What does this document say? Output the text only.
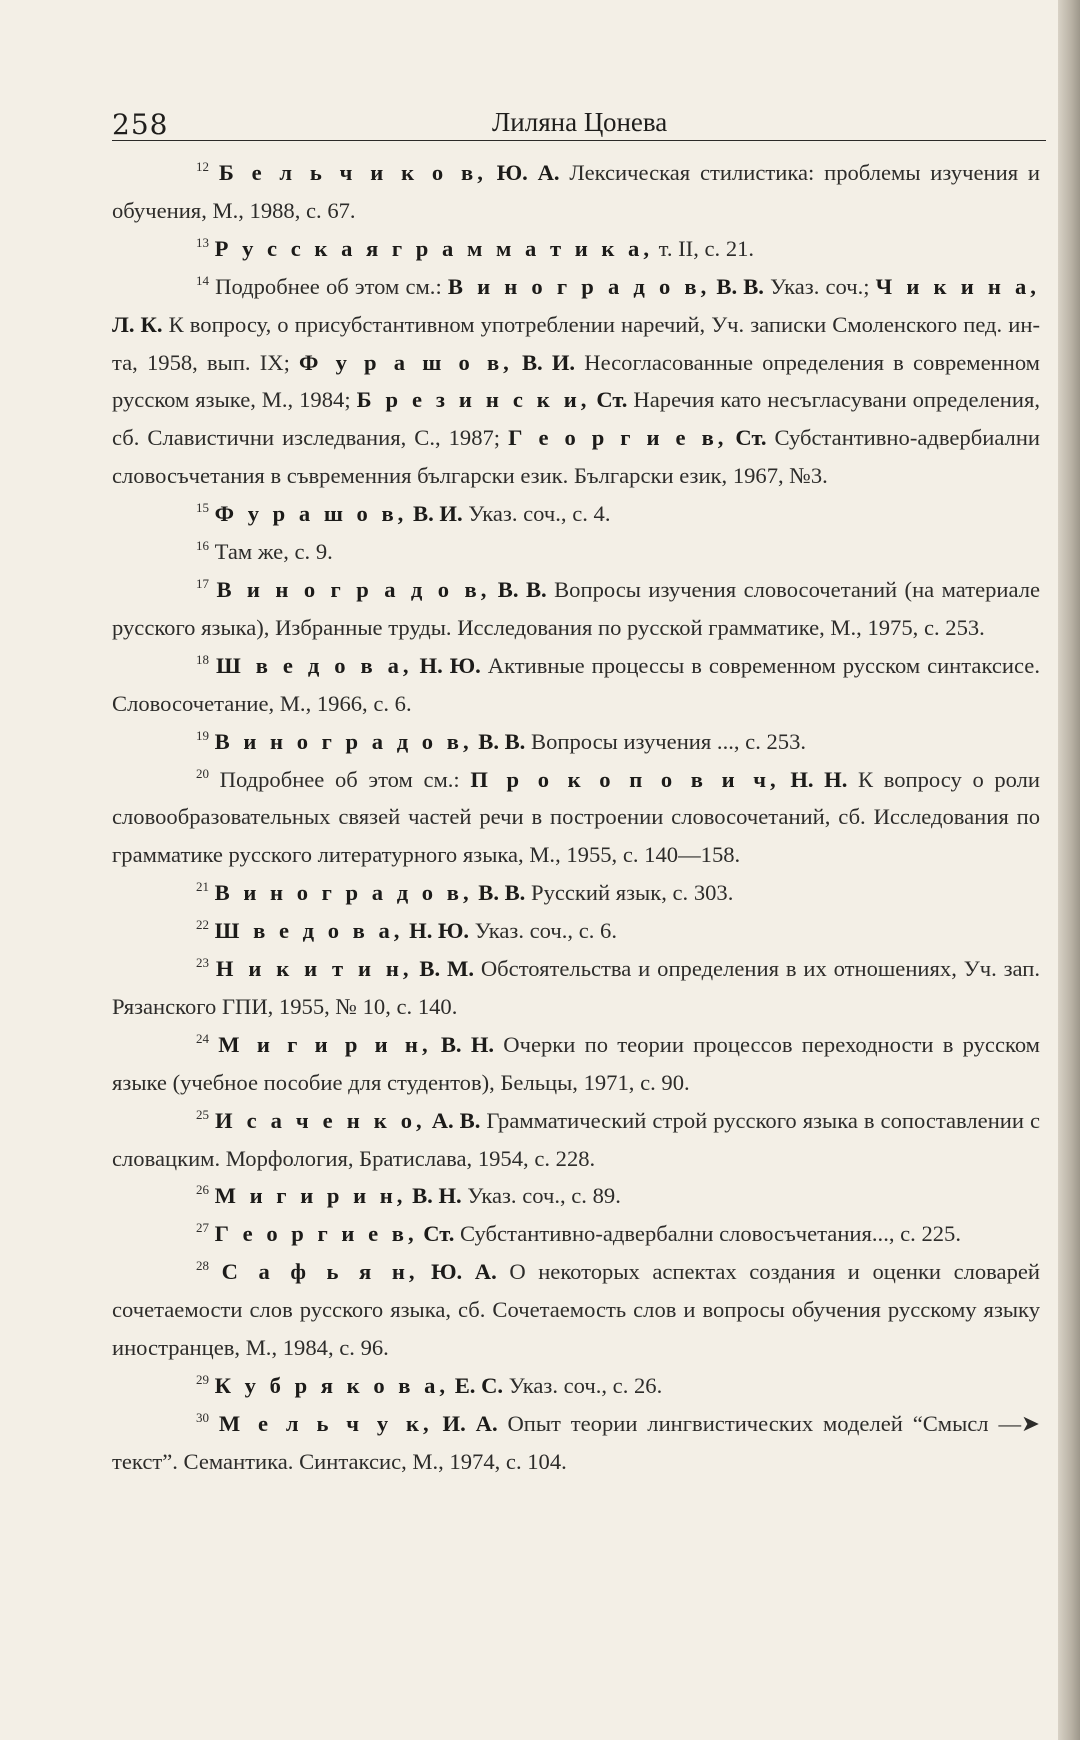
258	Лиляна Цонева

$^{12}$ Б е л ь ч и к о в, Ю. А. Лексическая стилистика: проблемы изучения и обучения, М., 1988, с. 67.

$^{13}$ Р у с с к а я г р а м м а т и к а, т. II, с. 21.

$^{14}$ Подробнее об этом см.: В и н о г р а д о в, В. В. Указ. соч.; Ч и к и н а, Л. К. К вопросу, о присубстантивном употреблении наречий, Уч. записки Смоленского пед. ин-та, 1958, вып. IX; Ф у р а ш о в, В. И. Несогласованные определения в современном русском языке, М., 1984; Б р е з и н с к и, Ст. Наречия като несъгласувани определения, сб. Славистични изследвания, С., 1987; Г е о р г и е в, Ст. Субстантивно-адвербиални словосъчетания в съвременния български език. Български език, 1967, №3.

$^{15}$ Ф у р а ш о в, В. И. Указ. соч., с. 4.

$^{16}$ Там же, с. 9.

$^{17}$ В и н о г р а д о в, В. В. Вопросы изучения словосочетаний (на материале русского языка), Избранные труды. Исследования по русской грамматике, М., 1975, с. 253.

$^{18}$ Ш в е д о в а, Н. Ю. Активные процессы в современном русском синтаксисе. Словосочетание, М., 1966, с. 6.

$^{19}$ В и н о г р а д о в, В. В. Вопросы изучения ..., с. 253.

$^{20}$ Подробнее об этом см.: П р о к о п о в и ч, Н. Н. К вопросу о роли словообразовательных связей частей речи в построении словосочетаний, сб. Исследования по грамматике русского литературного языка, М., 1955, с. 140—158.

$^{21}$ В и н о г р а д о в, В. В. Русский язык, с. 303.

$^{22}$ Ш в е д о в а, Н. Ю. Указ. соч., с. 6.

$^{23}$ Н и к и т и н, В. М. Обстоятельства и определения в их отношениях, Уч. зап. Рязанского ГПИ, 1955, № 10, с. 140.

$^{24}$ М и г и р и н, В. Н. Очерки по теории процессов переходности в русском языке (учебное пособие для студентов), Бельцы, 1971, с. 90.

$^{25}$ И с а ч е н к о, А. В. Грамматический строй русского языка в сопоставлении с словацким. Морфология, Братислава, 1954, с. 228.

$^{26}$ М и г и р и н, В. Н. Указ. соч., с. 89.

$^{27}$ Г е о р г и е в, Ст. Субстантивно-адвербални словосъчетания..., с. 225.

$^{28}$ С а ф ь я н, Ю. А. О некоторых аспектах создания и оценки словарей сочетаемости слов русского языка, сб. Сочетаемость слов и вопросы обучения русскому языку иностранцев, М., 1984, с. 96.

$^{29}$ К у б р я к о в а, Е. С. Указ. соч., с. 26.

$^{30}$ М е л ь ч у к, И. А. Опыт теории лингвистических моделей “Смысл —➤ текст”. Семантика. Синтаксис, М., 1974, с. 104.
